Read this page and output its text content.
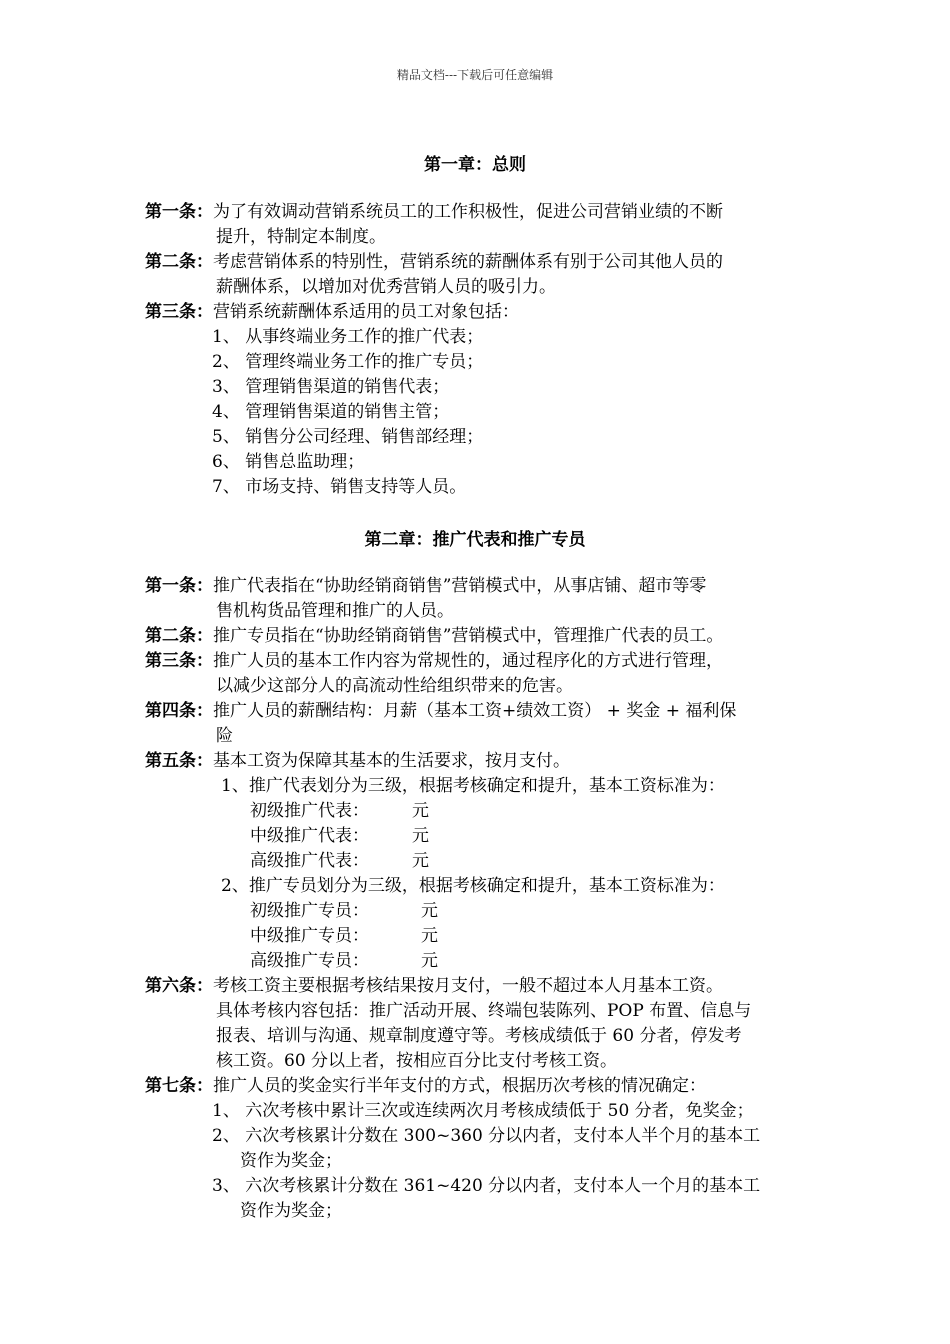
精品文档---下载后可任意编辑
第一章：总则
第一条：为了有效调动营销系统员工的工作积极性，促进公司营销业绩的不断
提升，特制定本制度。
第二条：考虑营销体系的特别性，营销系统的薪酬体系有别于公司其他人员的
薪酬体系，以增加对优秀营销人员的吸引力。
第三条：营销系统薪酬体系适用的员工对象包括：
1、 从事终端业务工作的推广代表；
2、 管理终端业务工作的推广专员；
3、 管理销售渠道的销售代表；
4、 管理销售渠道的销售主管；
5、 销售分公司经理、销售部经理；
6、 销售总监助理；
7、 市场支持、销售支持等人员。
第二章：推广代表和推广专员
第一条：推广代表指在“协助经销商销售”营销模式中，从事店铺、超市等零
售机构货品管理和推广的人员。
第二条：推广专员指在“协助经销商销售”营销模式中，管理推广代表的员工。
第三条：推广人员的基本工作内容为常规性的，通过程序化的方式进行管理，
以减少这部分人的高流动性给组织带来的危害。
第四条：推广人员的薪酬结构：月薪（基本工资+绩效工资） + 奖金 + 福利保
险
第五条：基本工资为保障其基本的生活要求，按月支付。
1、推广代表划分为三级，根据考核确定和提升，基本工资标准为：
初级推广代表：	元
中级推广代表：	元
高级推广代表：	元
2、推广专员划分为三级，根据考核确定和提升，基本工资标准为：
初级推广专员：	元
中级推广专员：	元
高级推广专员：	元
第六条：考核工资主要根据考核结果按月支付，一般不超过本人月基本工资。
具体考核内容包括：推广活动开展、终端包装陈列、POP 布置、信息与
报表、培训与沟通、规章制度遵守等。考核成绩低于 60 分者，停发考
核工资。60 分以上者，按相应百分比支付考核工资。
第七条：推广人员的奖金实行半年支付的方式，根据历次考核的情况确定：
1、 六次考核中累计三次或连续两次月考核成绩低于 50 分者，免奖金；
2、 六次考核累计分数在 300~360 分以内者，支付本人半个月的基本工
资作为奖金；
3、 六次考核累计分数在 361~420 分以内者，支付本人一个月的基本工
资作为奖金；
